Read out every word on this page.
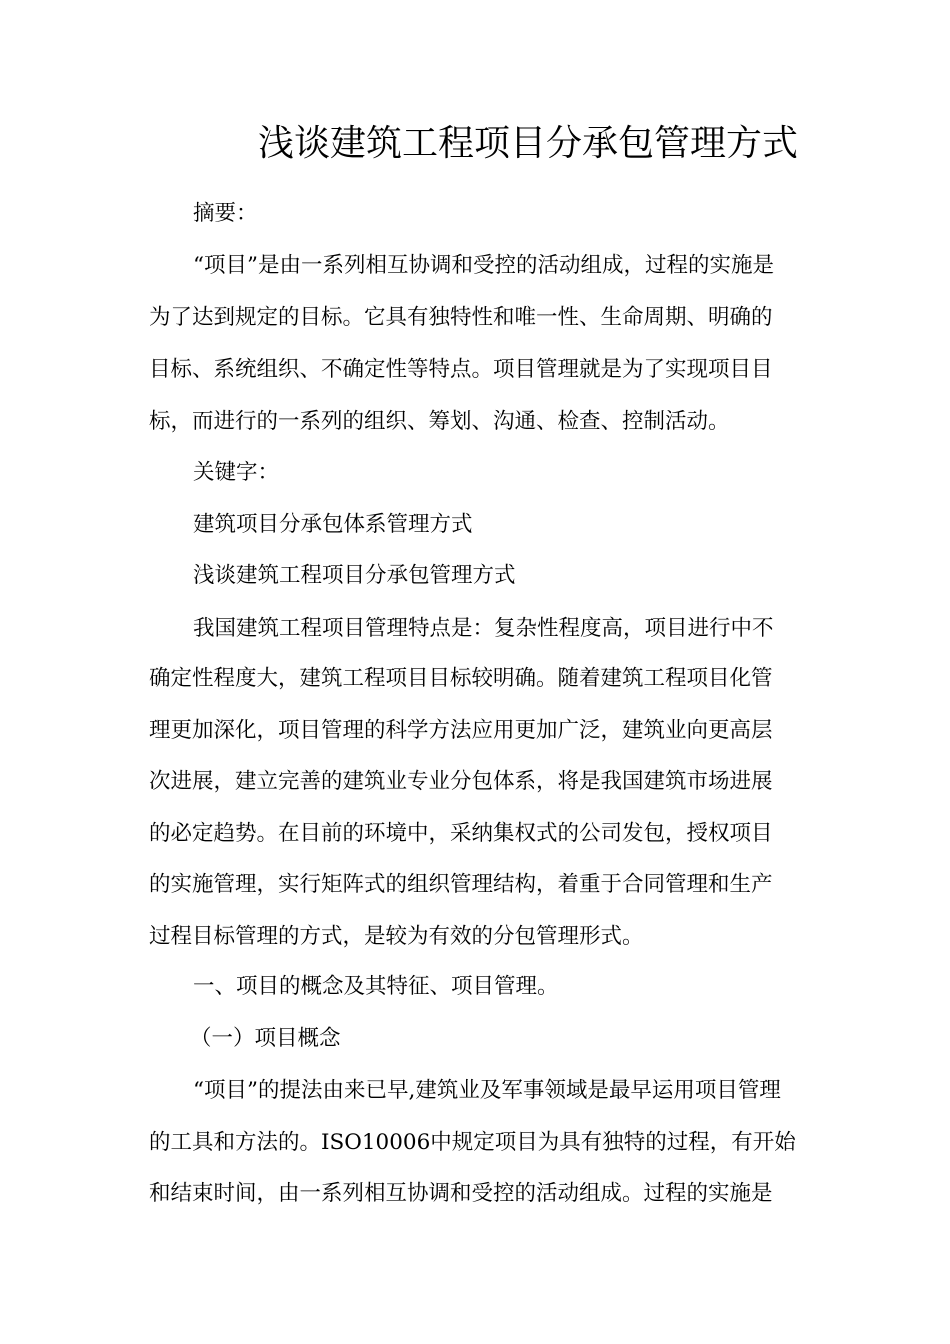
浅谈建筑工程项目分承包管理方式
摘要：
“项目”是由一系列相互协调和受控的活动组成，过程的实施是
为了达到规定的目标。它具有独特性和唯一性、生命周期、明确的
目标、系统组织、不确定性等特点。项目管理就是为了实现项目目
标，而进行的一系列的组织、筹划、沟通、检查、控制活动。
关键字：
建筑项目分承包体系管理方式
浅谈建筑工程项目分承包管理方式
我国建筑工程项目管理特点是：复杂性程度高，项目进行中不
确定性程度大，建筑工程项目目标较明确。随着建筑工程项目化管
理更加深化，项目管理的科学方法应用更加广泛，建筑业向更高层
次进展，建立完善的建筑业专业分包体系，将是我国建筑市场进展
的必定趋势。在目前的环境中，采纳集权式的公司发包，授权项目
的实施管理，实行矩阵式的组织管理结构，着重于合同管理和生产
过程目标管理的方式，是较为有效的分包管理形式。
一、项目的概念及其特征、项目管理。
（一）项目概念
“项目”的提法由来已早,建筑业及军事领域是最早运用项目管理
的工具和方法的。ISO10006中规定项目为具有独特的过程，有开始
和结束时间，由一系列相互协调和受控的活动组成。过程的实施是
